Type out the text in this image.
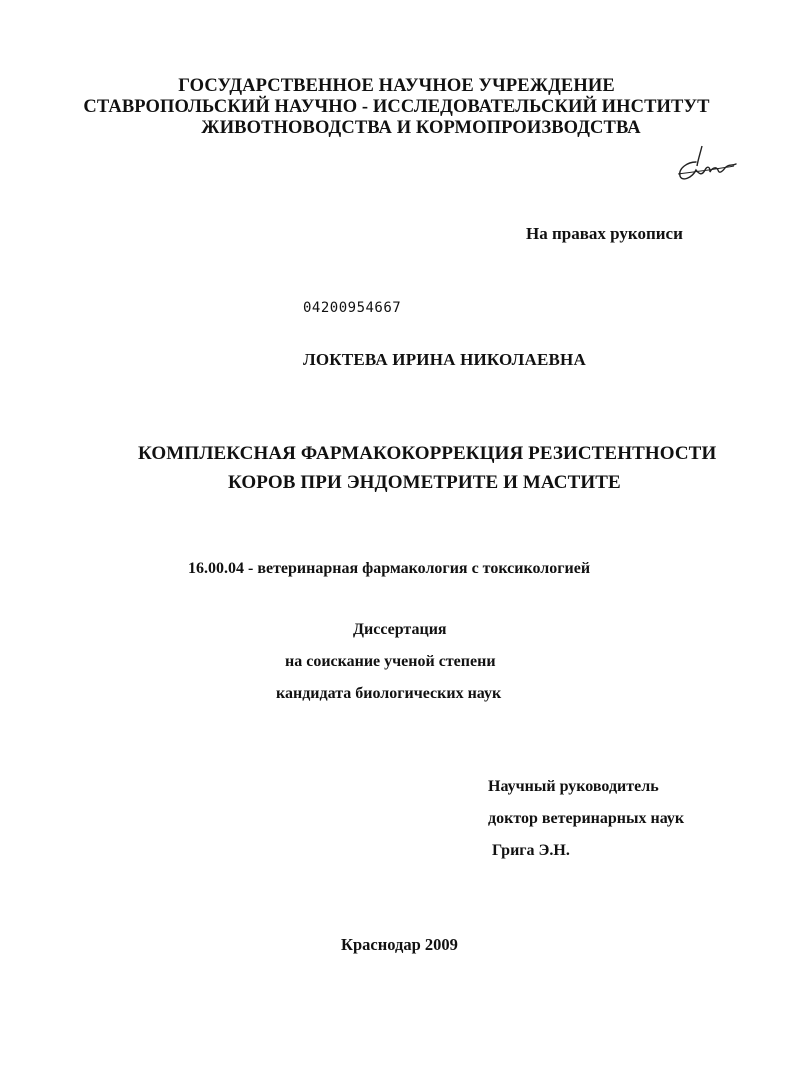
ГОСУДАРСТВЕННОЕ НАУЧНОЕ УЧРЕЖДЕНИЕ

СТАВРОПОЛЬСКИЙ НАУЧНО - ИССЛЕДОВАТЕЛЬСКИЙ ИНСТИТУТ

ЖИВОТНОВОДСТВА И КОРМОПРОИЗВОДСТВА

На правах рукописи

04200954667

ЛОКТЕВА ИРИНА НИКОЛАЕВНА

КОМПЛЕКСНАЯ ФАРМАКОКОРРЕКЦИЯ РЕЗИСТЕНТНОСТИ

КОРОВ ПРИ ЭНДОМЕТРИТЕ И МАСТИТЕ

16.00.04 - ветеринарная фармакология с токсикологией

Диссертация

на соискание ученой степени

кандидата биологических наук

Научный руководитель

доктор ветеринарных наук

Грига Э.Н.

Краснодар 2009
